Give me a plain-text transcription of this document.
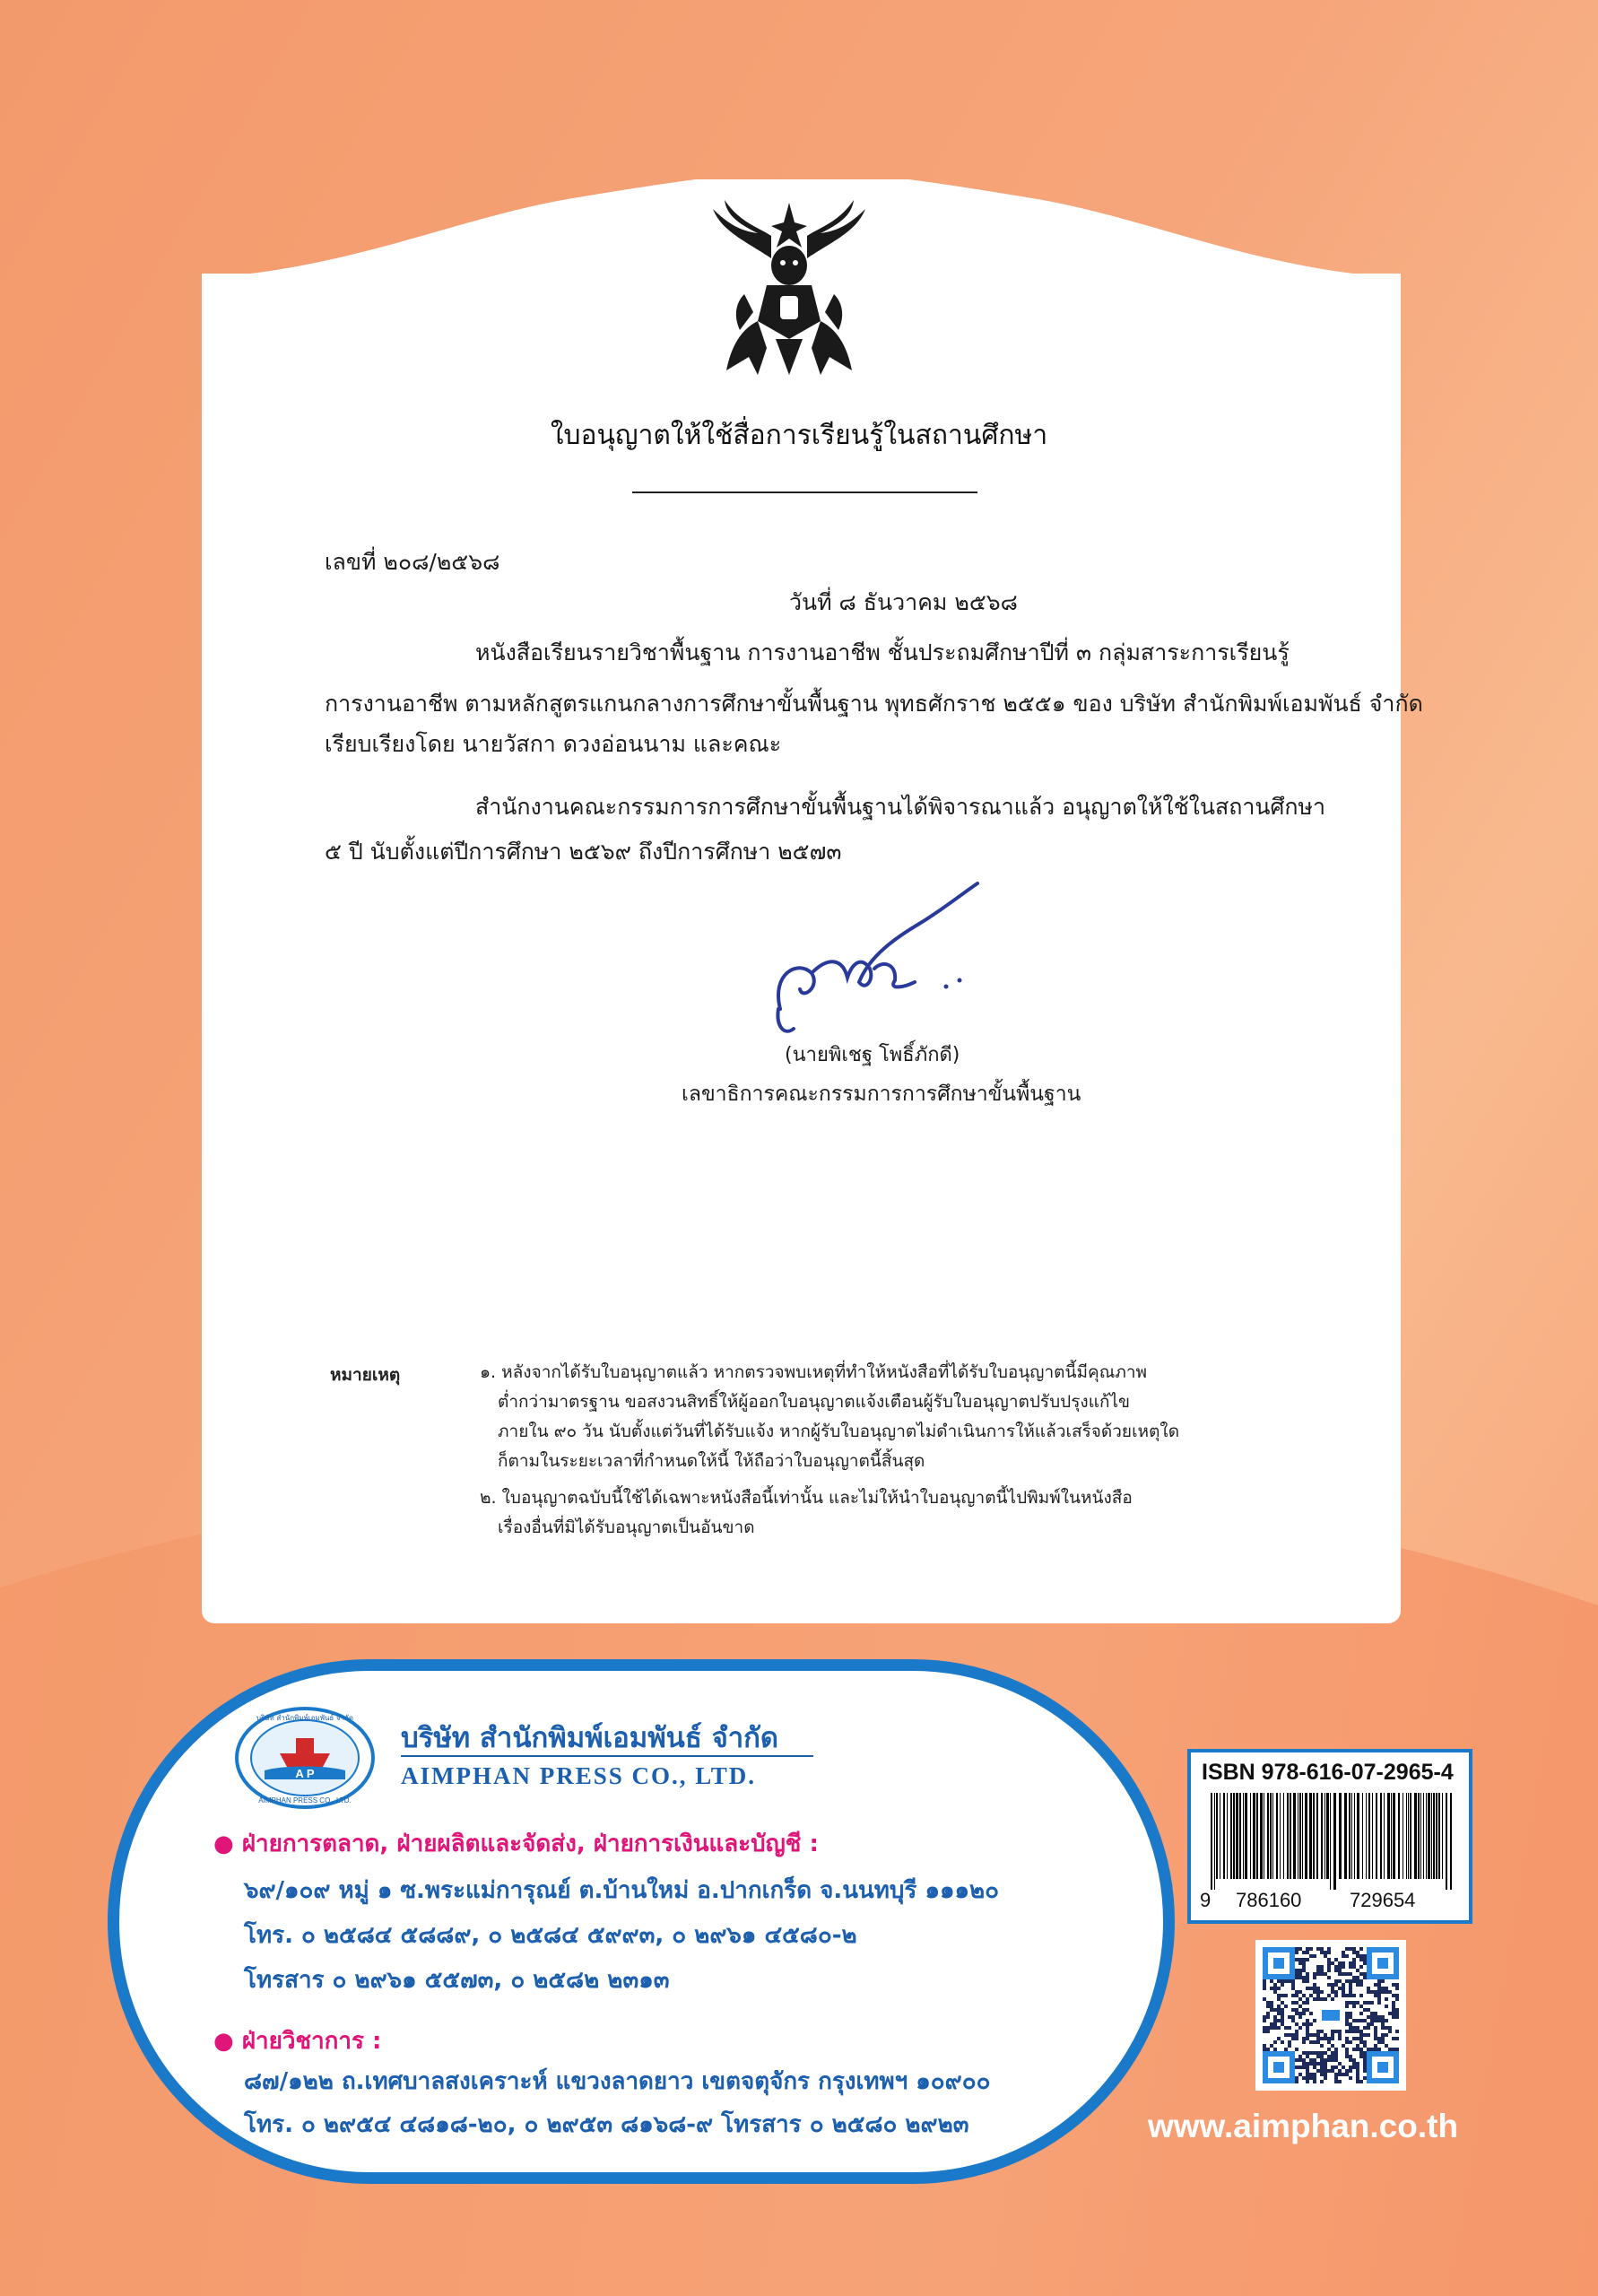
ใบอนุญาตให้ใช้สื่อการเรียนรู้ในสถานศึกษา
เลขที่ ๒๐๘/๒๕๖๘
วันที่ ๘ ธันวาคม ๒๕๖๘
หนังสือเรียนรายวิชาพื้นฐาน การงานอาชีพ ชั้นประถมศึกษาปีที่ ๓ กลุ่มสาระการเรียนรู้
การงานอาชีพ ตามหลักสูตรแกนกลางการศึกษาขั้นพื้นฐาน พุทธศักราช ๒๕๕๑ ของ บริษัท สำนักพิมพ์เอมพันธ์ จำกัด
เรียบเรียงโดย นายวัสกา ดวงอ่อนนาม และคณะ
สำนักงานคณะกรรมการการศึกษาขั้นพื้นฐานได้พิจารณาแล้ว อนุญาตให้ใช้ในสถานศึกษา
๕ ปี นับตั้งแต่ปีการศึกษา ๒๕๖๙ ถึงปีการศึกษา ๒๕๗๓
(นายพิเชฐ โพธิ์ภักดี)
เลขาธิการคณะกรรมการการศึกษาขั้นพื้นฐาน
หมายเหตุ	๑. หลังจากได้รับใบอนุญาตแล้ว หากตรวจพบเหตุที่ทำให้หนังสือที่ได้รับใบอนุญาตนี้มีคุณภาพ
ต่ำกว่ามาตรฐาน ขอสงวนสิทธิ์ให้ผู้ออกใบอนุญาตแจ้งเตือนผู้รับใบอนุญาตปรับปรุงแก้ไข
ภายใน ๙๐ วัน นับตั้งแต่วันที่ได้รับแจ้ง หากผู้รับใบอนุญาตไม่ดำเนินการให้แล้วเสร็จด้วยเหตุใด
ก็ตามในระยะเวลาที่กำหนดให้นี้ ให้ถือว่าใบอนุญาตนี้สิ้นสุด
๒. ใบอนุญาตฉบับนี้ใช้ได้เฉพาะหนังสือนี้เท่านั้น และไม่ให้นำใบอนุญาตนี้ไปพิมพ์ในหนังสือ
เรื่องอื่นที่มิได้รับอนุญาตเป็นอันขาด
A P
บริษัท สำนักพิมพ์เอมพันธ์ จำกัด
AIMPHAN PRESS CO., LTD.
บริษัท สำนักพิมพ์เอมพันธ์ จำกัด
AIMPHAN PRESS CO., LTD.
● ฝ่ายการตลาด, ฝ่ายผลิตและจัดส่ง, ฝ่ายการเงินและบัญชี :
๖๙/๑๐๙ หมู่ ๑ ซ.พระแม่การุณย์ ต.บ้านใหม่ อ.ปากเกร็ด จ.นนทบุรี ๑๑๑๒๐
โทร. ๐ ๒๕๘๔ ๕๘๘๙, ๐ ๒๕๘๔ ๕๙๙๓, ๐ ๒๙๖๑ ๔๕๘๐-๒
โทรสาร ๐ ๒๙๖๑ ๕๕๗๓, ๐ ๒๕๘๒ ๒๓๑๓
● ฝ่ายวิชาการ :
๘๗/๑๒๒ ถ.เทศบาลสงเคราะห์ แขวงลาดยาว เขตจตุจักร กรุงเทพฯ ๑๐๙๐๐
โทร. ๐ ๒๙๕๔ ๔๘๑๘-๒๐, ๐ ๒๙๕๓ ๘๑๖๘-๙ โทรสาร ๐ ๒๕๘๐ ๒๙๒๓
ISBN 978-616-07-2965-4
9 786160 729654
www.aimphan.co.th
